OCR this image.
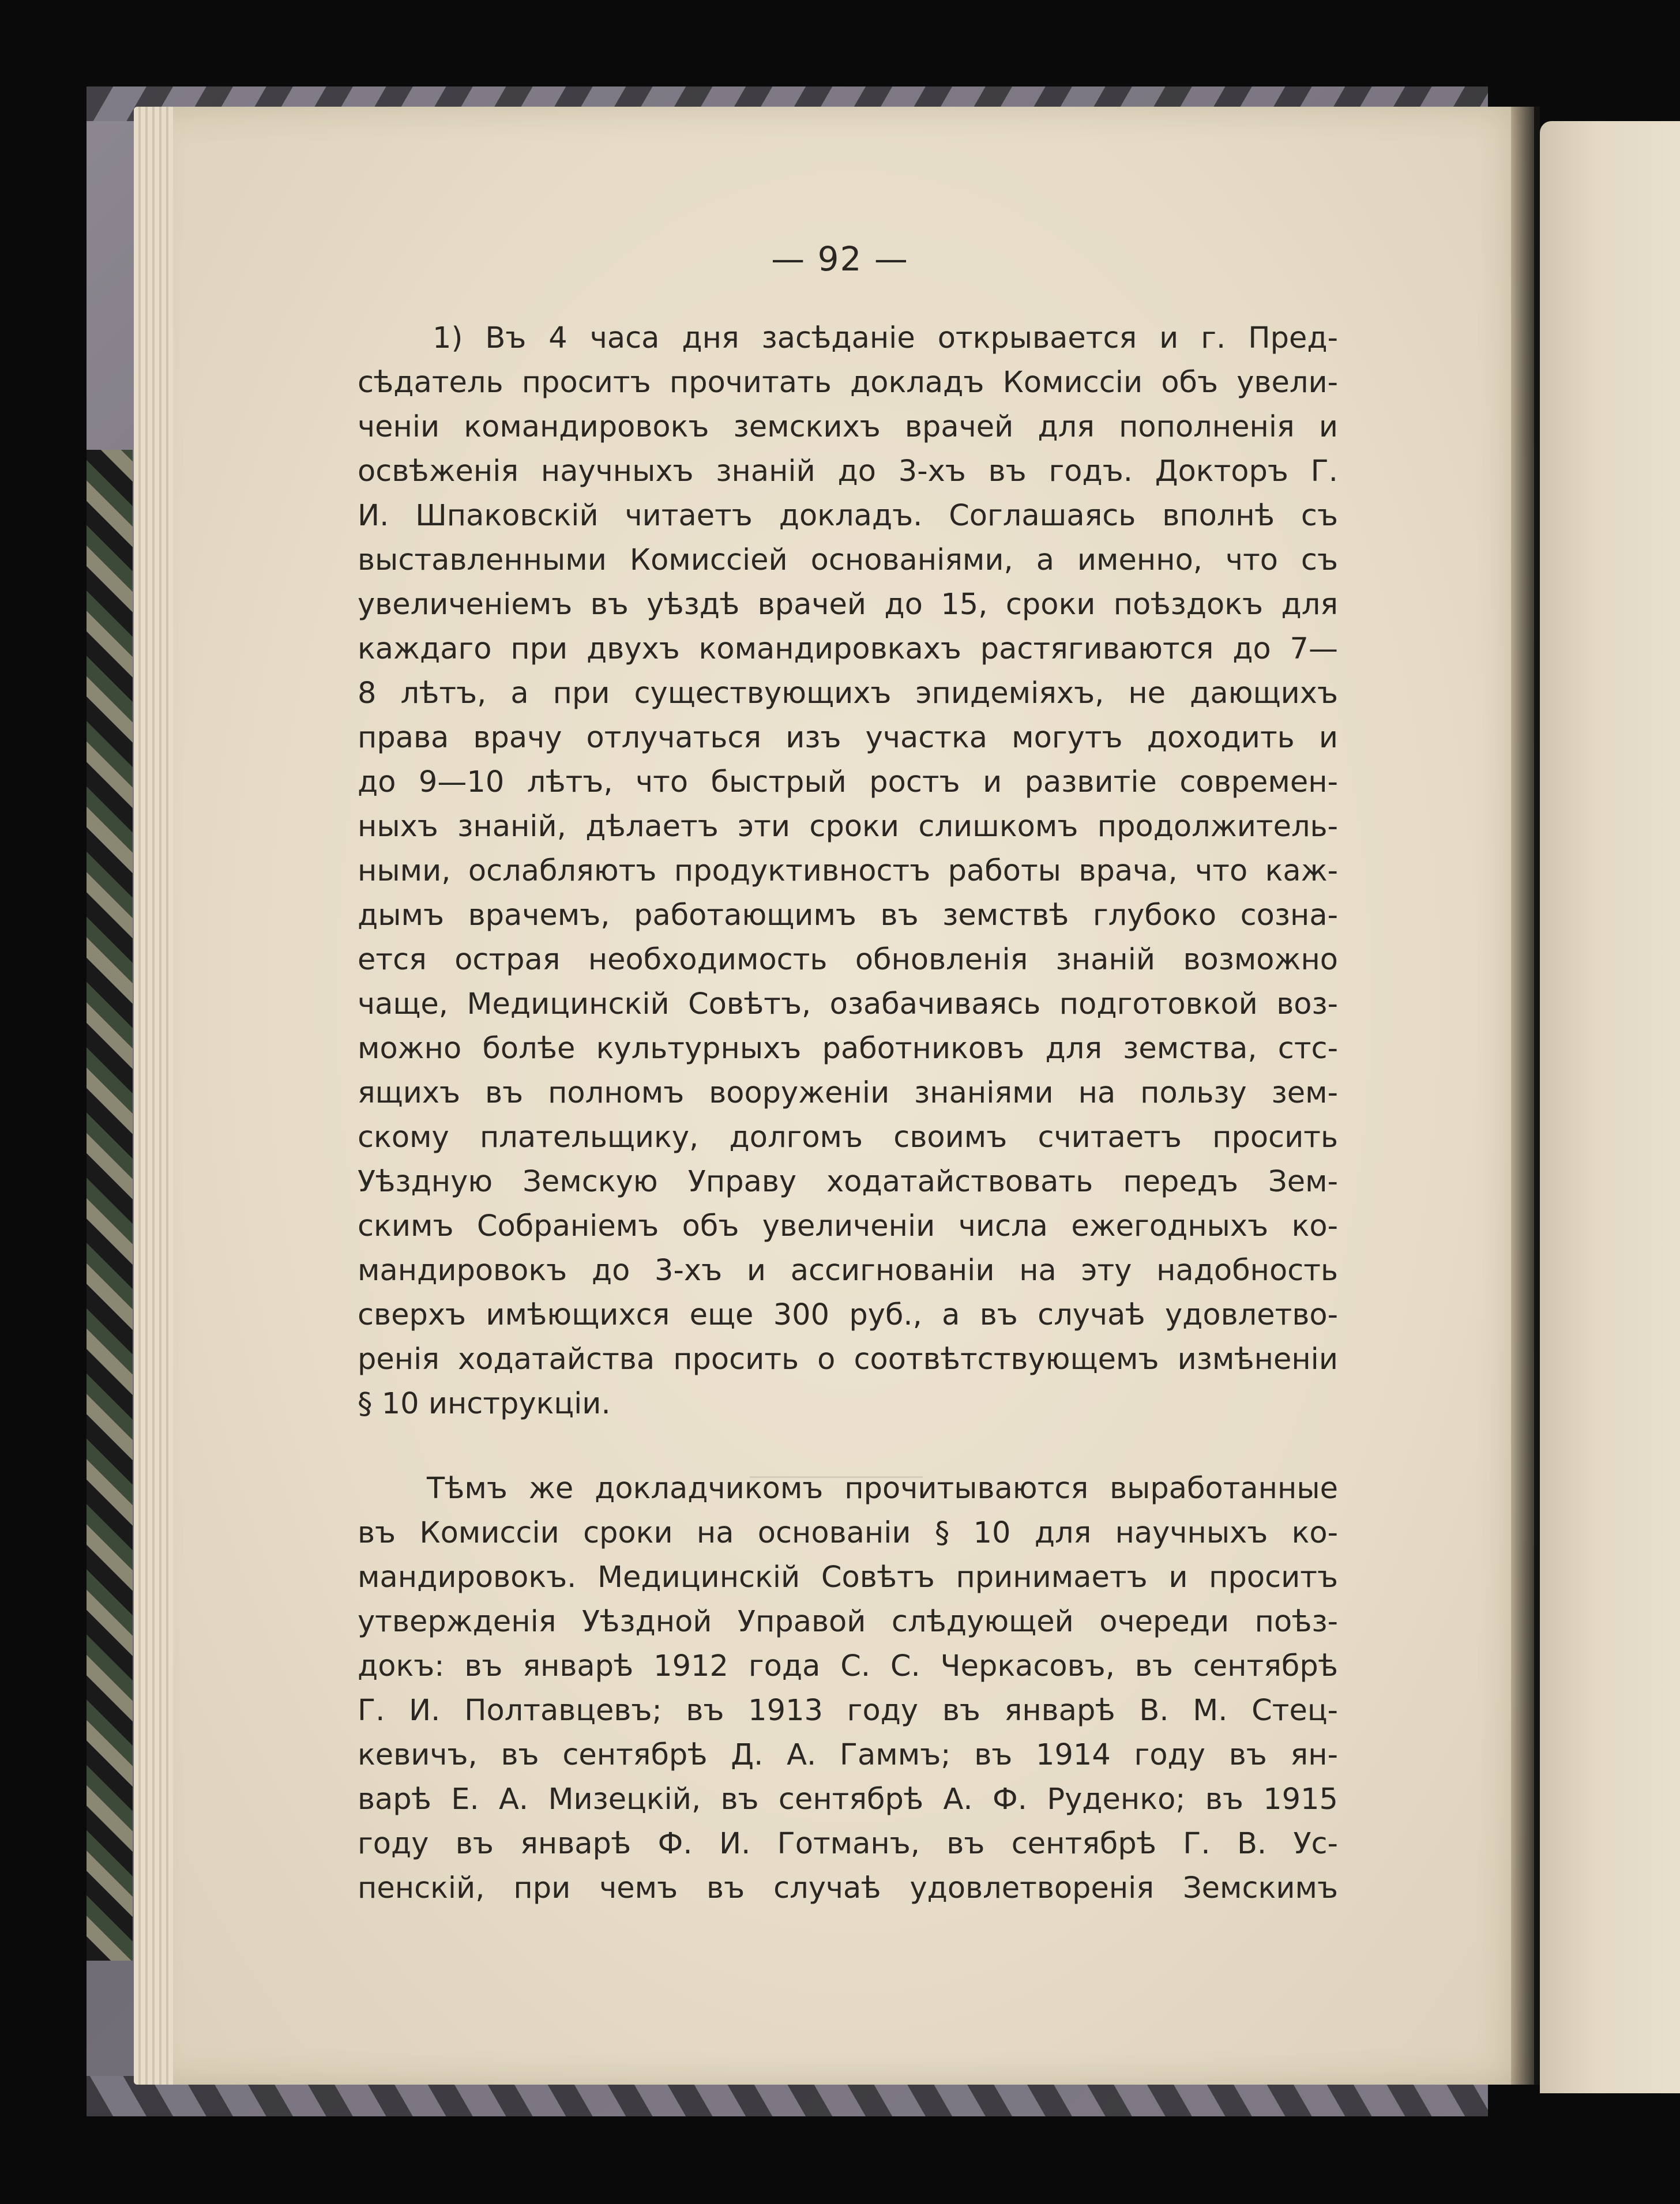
— 92 —
1) Въ 4 часа дня засѣданіе открывается и г. Пред-
сѣдатель проситъ прочитать докладъ Комиссіи объ увели-
ченіи командировокъ земскихъ врачей для пополненія и
освѣженія научныхъ знаній до 3-хъ въ годъ. Докторъ Г.
И. Шпаковскій читаетъ докладъ. Соглашаясь вполнѣ съ
выставленными Комиссіей основаніями, а именно, что съ
увеличеніемъ въ уѣздѣ врачей до 15, сроки поѣздокъ для
каждаго при двухъ командировкахъ растягиваются до 7—
8 лѣтъ, а при существующихъ эпидеміяхъ, не дающихъ
права врачу отлучаться изъ участка могутъ доходить и
до 9—10 лѣтъ, что быстрый ростъ и развитіе современ-
ныхъ знаній, дѣлаетъ эти сроки слишкомъ продолжитель-
ными, ослабляютъ продуктивностъ работы врача, что каж-
дымъ врачемъ, работающимъ въ земствѣ глубоко созна-
ется острая необходимость обновленія знаній возможно
чаще, Медицинскій Совѣтъ, озабачиваясь подготовкой воз-
можно болѣе культурныхъ работниковъ для земства, стс-
ящихъ въ полномъ вооруженіи знаніями на пользу зем-
скому плательщику, долгомъ своимъ считаетъ просить
Уѣздную Земскую Управу ходатайствовать передъ Зем-
скимъ Собраніемъ объ увеличеніи числа ежегодныхъ ко-
мандировокъ до 3-хъ и ассигнованіи на эту надобность
сверхъ имѣющихся еще 300 руб., а въ случаѣ удовлетво-
ренія ходатайства просить о соотвѣтствующемъ измѣненіи
§ 10 инструкціи.
Тѣмъ же докладчикомъ прочитываются выработанные
въ Комиссіи сроки на основаніи § 10 для научныхъ ко-
мандировокъ. Медицинскій Совѣтъ принимаетъ и проситъ
утвержденія Уѣздной Управой слѣдующей очереди поѣз-
докъ: въ январѣ 1912 года С. С. Черкасовъ, въ сентябрѣ
Г. И. Полтавцевъ; въ 1913 году въ январѣ В. М. Стец-
кевичъ, въ сентябрѣ Д. А. Гаммъ; въ 1914 году въ ян-
варѣ Е. А. Мизецкій, въ сентябрѣ А. Ф. Руденко; въ 1915
году въ январѣ Ф. И. Готманъ, въ сентябрѣ Г. В. Ус-
пенскій, при чемъ въ случаѣ удовлетворенія Земскимъ
